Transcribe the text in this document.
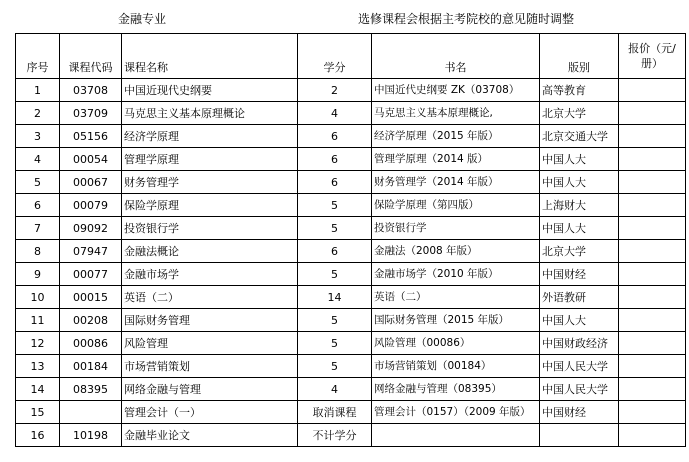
金融专业	选修课程会根据主考院校的意见随时调整
序号	课程代码	课程名称	学分	书名	版别	报价（元/册）
1	03708	中国近现代史纲要	2	中国近代史纲要 ZK（03708）	高等教育	
2	03709	马克思主义基本原理概论	4	马克思主义基本原理概论,	北京大学	
3	05156	经济学原理	6	经济学原理（2015 年版）	北京交通大学	
4	00054	管理学原理	6	管理学原理（2014 版）	中国人大	
5	00067	财务管理学	6	财务管理学（2014 年版）	中国人大	
6	00079	保险学原理	5	保险学原理（第四版）	上海财大	
7	09092	投资银行学	5	投资银行学	中国人大	
8	07947	金融法概论	6	金融法（2008 年版）	北京大学	
9	00077	金融市场学	5	金融市场学（2010 年版）	中国财经	
10	00015	英语（二）	14	英语（二）	外语教研	
11	00208	国际财务管理	5	国际财务管理（2015 年版）	中国人大	
12	00086	风险管理	5	风险管理（00086）	中国财政经济	
13	00184	市场营销策划	5	市场营销策划（00184）	中国人民大学	
14	08395	网络金融与管理	4	网络金融与管理（08395）	中国人民大学	
15		管理会计（一）	取消课程	管理会计（0157）（2009 年版）	中国财经	
16	10198	金融毕业论文	不计学分			
